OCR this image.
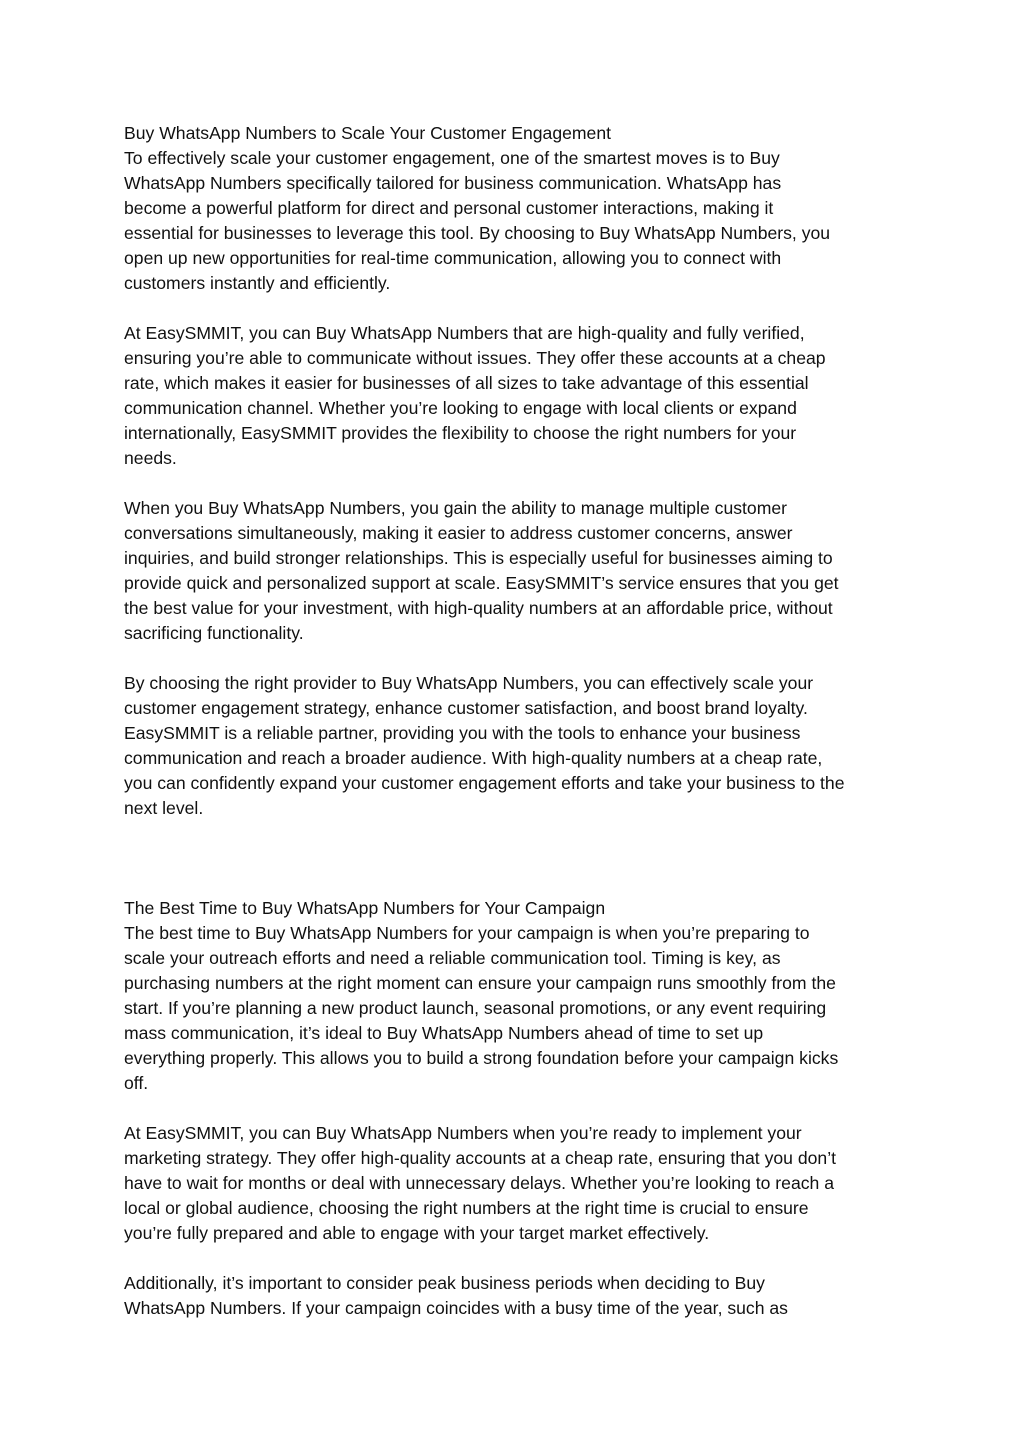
Buy WhatsApp Numbers to Scale Your Customer Engagement

To effectively scale your customer engagement, one of the smartest moves is to Buy
WhatsApp Numbers specifically tailored for business communication. WhatsApp has
become a powerful platform for direct and personal customer interactions, making it
essential for businesses to leverage this tool. By choosing to Buy WhatsApp Numbers, you
open up new opportunities for real-time communication, allowing you to connect with
customers instantly and efficiently.

At EasySMMIT, you can Buy WhatsApp Numbers that are high-quality and fully verified,
ensuring you’re able to communicate without issues. They offer these accounts at a cheap
rate, which makes it easier for businesses of all sizes to take advantage of this essential
communication channel. Whether you’re looking to engage with local clients or expand
internationally, EasySMMIT provides the flexibility to choose the right numbers for your
needs.

When you Buy WhatsApp Numbers, you gain the ability to manage multiple customer
conversations simultaneously, making it easier to address customer concerns, answer
inquiries, and build stronger relationships. This is especially useful for businesses aiming to
provide quick and personalized support at scale. EasySMMIT’s service ensures that you get
the best value for your investment, with high-quality numbers at an affordable price, without
sacrificing functionality.

By choosing the right provider to Buy WhatsApp Numbers, you can effectively scale your
customer engagement strategy, enhance customer satisfaction, and boost brand loyalty.
EasySMMIT is a reliable partner, providing you with the tools to enhance your business
communication and reach a broader audience. With high-quality numbers at a cheap rate,
you can confidently expand your customer engagement efforts and take your business to the
next level.

The Best Time to Buy WhatsApp Numbers for Your Campaign

The best time to Buy WhatsApp Numbers for your campaign is when you’re preparing to
scale your outreach efforts and need a reliable communication tool. Timing is key, as
purchasing numbers at the right moment can ensure your campaign runs smoothly from the
start. If you’re planning a new product launch, seasonal promotions, or any event requiring
mass communication, it’s ideal to Buy WhatsApp Numbers ahead of time to set up
everything properly. This allows you to build a strong foundation before your campaign kicks
off.

At EasySMMIT, you can Buy WhatsApp Numbers when you’re ready to implement your
marketing strategy. They offer high-quality accounts at a cheap rate, ensuring that you don’t
have to wait for months or deal with unnecessary delays. Whether you’re looking to reach a
local or global audience, choosing the right numbers at the right time is crucial to ensure
you’re fully prepared and able to engage with your target market effectively.

Additionally, it’s important to consider peak business periods when deciding to Buy
WhatsApp Numbers. If your campaign coincides with a busy time of the year, such as
